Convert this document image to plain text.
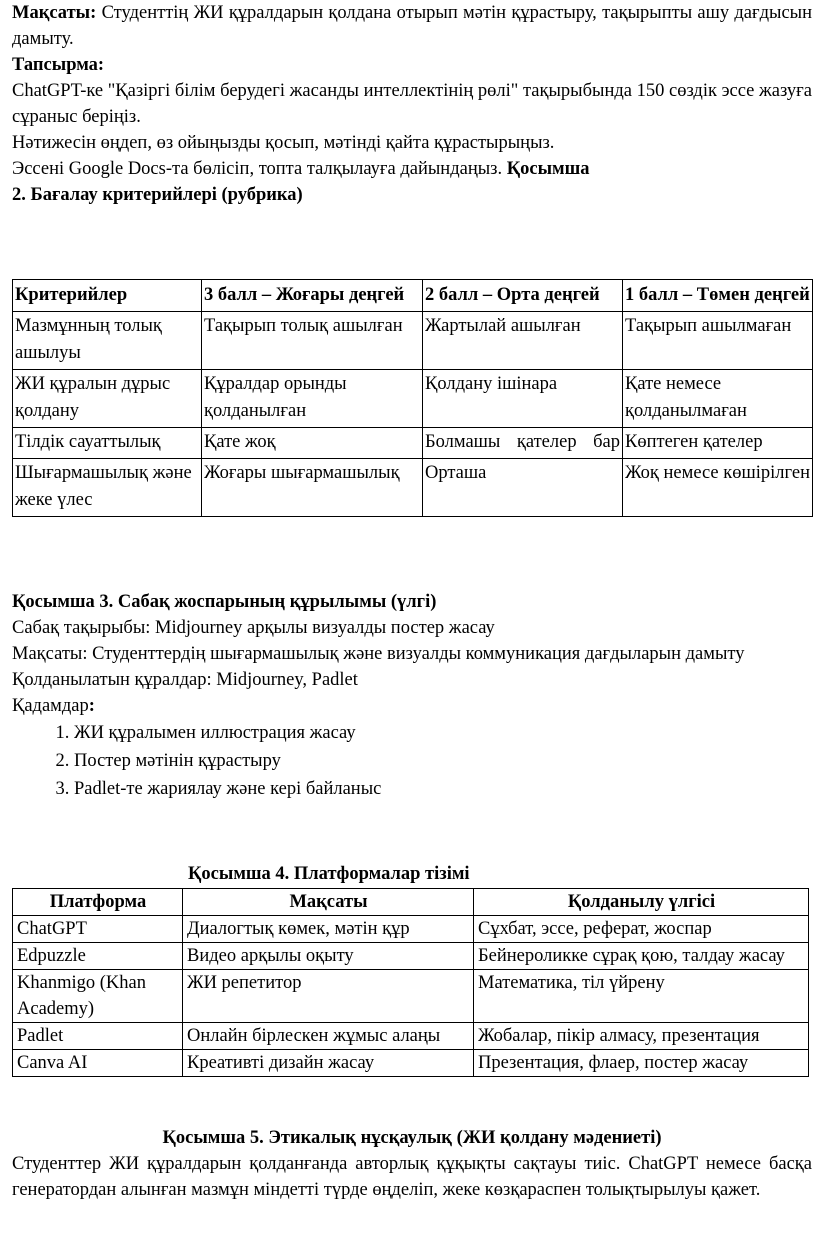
Мақсаты: Студенттің ЖИ құралдарын қолдана отырып мәтін құрастыру, тақырыпты ашу дағдысын дамыту.

Тапсырма:

ChatGPT-ке "Қазіргі білім берудегі жасанды интеллектінің рөлі" тақырыбында 150 сөздік эссе жазуға сұраныс беріңіз.

Нәтижесін өңдеп, өз ойыңызды қосып, мәтінді қайта құрастырыңыз.

Эссені Google Docs-та бөлісіп, топта талқылауға дайындаңыз. Қосымша

2. Бағалау критерийлері (рубрика)

Критерийлер	3 балл – Жоғары деңгей	2 балл – Орта деңгей	1 балл – Төмен деңгей
Мазмұнның толық ашылуы	Тақырып толық ашылған	Жартылай ашылған	Тақырып ашылмаған
ЖИ құралын дұрыс қолдану	Құралдар орынды қолданылған	Қолдану ішінара	Қате немесе қолданылмаған
Тілдік сауаттылық	Қате жоқ	Болмашы қателер бар	Көптеген қателер
Шығармашылық және жеке үлес	Жоғары шығармашылық	Орташа	Жоқ немесе көшірілген

Қосымша 3. Сабақ жоспарының құрылымы (үлгі)

Сабақ тақырыбы: Midjourney арқылы визуалды постер жасау

Мақсаты: Студенттердің шығармашылық және визуалды коммуникация дағдыларын дамыту

Қолданылатын құралдар: Midjourney, Padlet

Қадамдар:

1. ЖИ құралымен иллюстрация жасау
2. Постер мәтінін құрастыру
3. Padlet-те жариялау және кері байланыс

Қосымша 4. Платформалар тізімі

Платформа	Мақсаты	Қолданылу үлгісі
ChatGPT	Диалогтық көмек, мәтін құр	Сұхбат, эссе, реферат, жоспар
Edpuzzle	Видео арқылы оқыту	Бейнероликке сұрақ қою, талдау жасау
Khanmigo (Khan Academy)	ЖИ репетитор	Математика, тіл үйрену
Padlet	Онлайн бірлескен жұмыс алаңы	Жобалар, пікір алмасу, презентация
Canva AI	Креативті дизайн жасау	Презентация, флаер, постер жасау

Қосымша 5. Этикалық нұсқаулық (ЖИ қолдану мәдениеті)

Студенттер ЖИ құралдарын қолданғанда авторлық құқықты сақтауы тиіс. ChatGPT немесе басқа генератордан алынған мазмұн міндетті түрде өңделіп, жеке көзқараспен толықтырылуы қажет.
